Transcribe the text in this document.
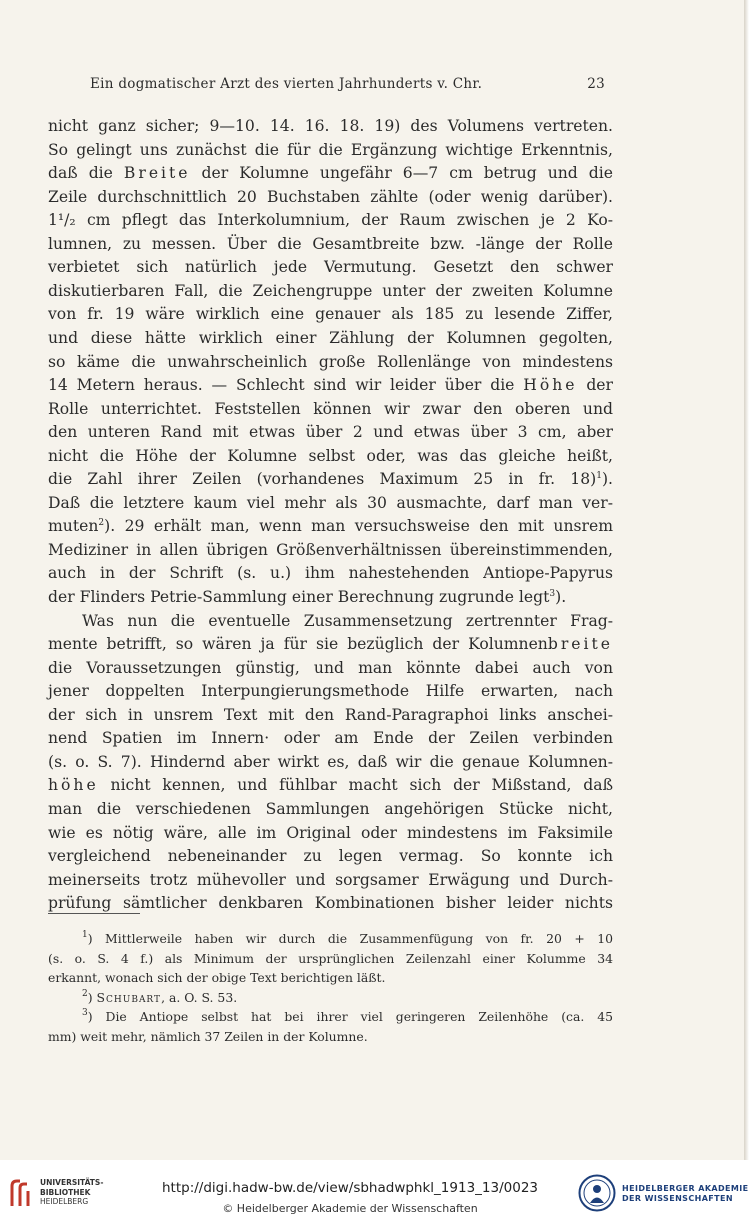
Ein dogmatischer Arzt des vierten Jahrhunderts v. Chr.	23
nicht ganz sicher; 9—10. 14. 16. 18. 19) des Volumens vertreten.
So gelingt uns zunächst die für die Ergänzung wichtige Erkenntnis,
daß die Breite der Kolumne ungefähr 6—7 cm betrug und die
Zeile durchschnittlich 20 Buchstaben zählte (oder wenig darüber).
1¹/₂ cm pflegt das Interkolumnium, der Raum zwischen je 2 Ko-
lumnen, zu messen. Über die Gesamtbreite bzw. -länge der Rolle
verbietet sich natürlich jede Vermutung. Gesetzt den schwer
diskutierbaren Fall, die Zeichengruppe unter der zweiten Kolumne
von fr. 19 wäre wirklich eine genauer als 185 zu lesende Ziffer,
und diese hätte wirklich einer Zählung der Kolumnen gegolten,
so käme die unwahrscheinlich große Rollenlänge von mindestens
14 Metern heraus. — Schlecht sind wir leider über die Höhe der
Rolle unterrichtet. Feststellen können wir zwar den oberen und
den unteren Rand mit etwas über 2 und etwas über 3 cm, aber
nicht die Höhe der Kolumne selbst oder, was das gleiche heißt,
die Zahl ihrer Zeilen (vorhandenes Maximum 25 in fr. 18)$^1$).
Daß die letztere kaum viel mehr als 30 ausmachte, darf man ver-
muten$^2$). 29 erhält man, wenn man versuchsweise den mit unsrem
Mediziner in allen übrigen Größenverhältnissen übereinstimmenden,
auch in der Schrift (s. u.) ihm nahestehenden Antiope-Papyrus
der Flinders Petrie-Sammlung einer Berechnung zugrunde legt$^3$).
Was nun die eventuelle Zusammensetzung zertrennter Frag-
mente betrifft, so wären ja für sie bezüglich der Kolumnenbreite
die Voraussetzungen günstig, und man könnte dabei auch von
jener doppelten Interpungierungsmethode Hilfe erwarten, nach
der sich in unsrem Text mit den Rand-Paragraphoi links anschei-
nend Spatien im Innern· oder am Ende der Zeilen verbinden
(s. o. S. 7). Hindernd aber wirkt es, daß wir die genaue Kolumnen-
höhe nicht kennen, und fühlbar macht sich der Mißstand, daß
man die verschiedenen Sammlungen angehörigen Stücke nicht,
wie es nötig wäre, alle im Original oder mindestens im Faksimile
vergleichend nebeneinander zu legen vermag. So konnte ich
meinerseits trotz mühevoller und sorgsamer Erwägung und Durch-
prüfung sämtlicher denkbaren Kombinationen bisher leider nichts
$^1$) Mittlerweile haben wir durch die Zusammenfügung von fr. 20 + 10
(s. o. S. 4 f.) als Minimum der ursprünglichen Zeilenzahl einer Kolumme 34
erkannt, wonach sich der obige Text berichtigen läßt.
$^2$) Schubart, a. O. S. 53.
$^3$) Die Antiope selbst hat bei ihrer viel geringeren Zeilenhöhe (ca. 45
mm) weit mehr, nämlich 37 Zeilen in der Kolumne.
UNIVERSITÄTS-
BIBLIOTHEK
HEIDELBERG
http://digi.hadw-bw.de/view/sbhadwphkl_1913_13/0023
© Heidelberger Akademie der Wissenschaften
HEIDELBERGER AKADEMIE
DER WISSENSCHAFTEN
